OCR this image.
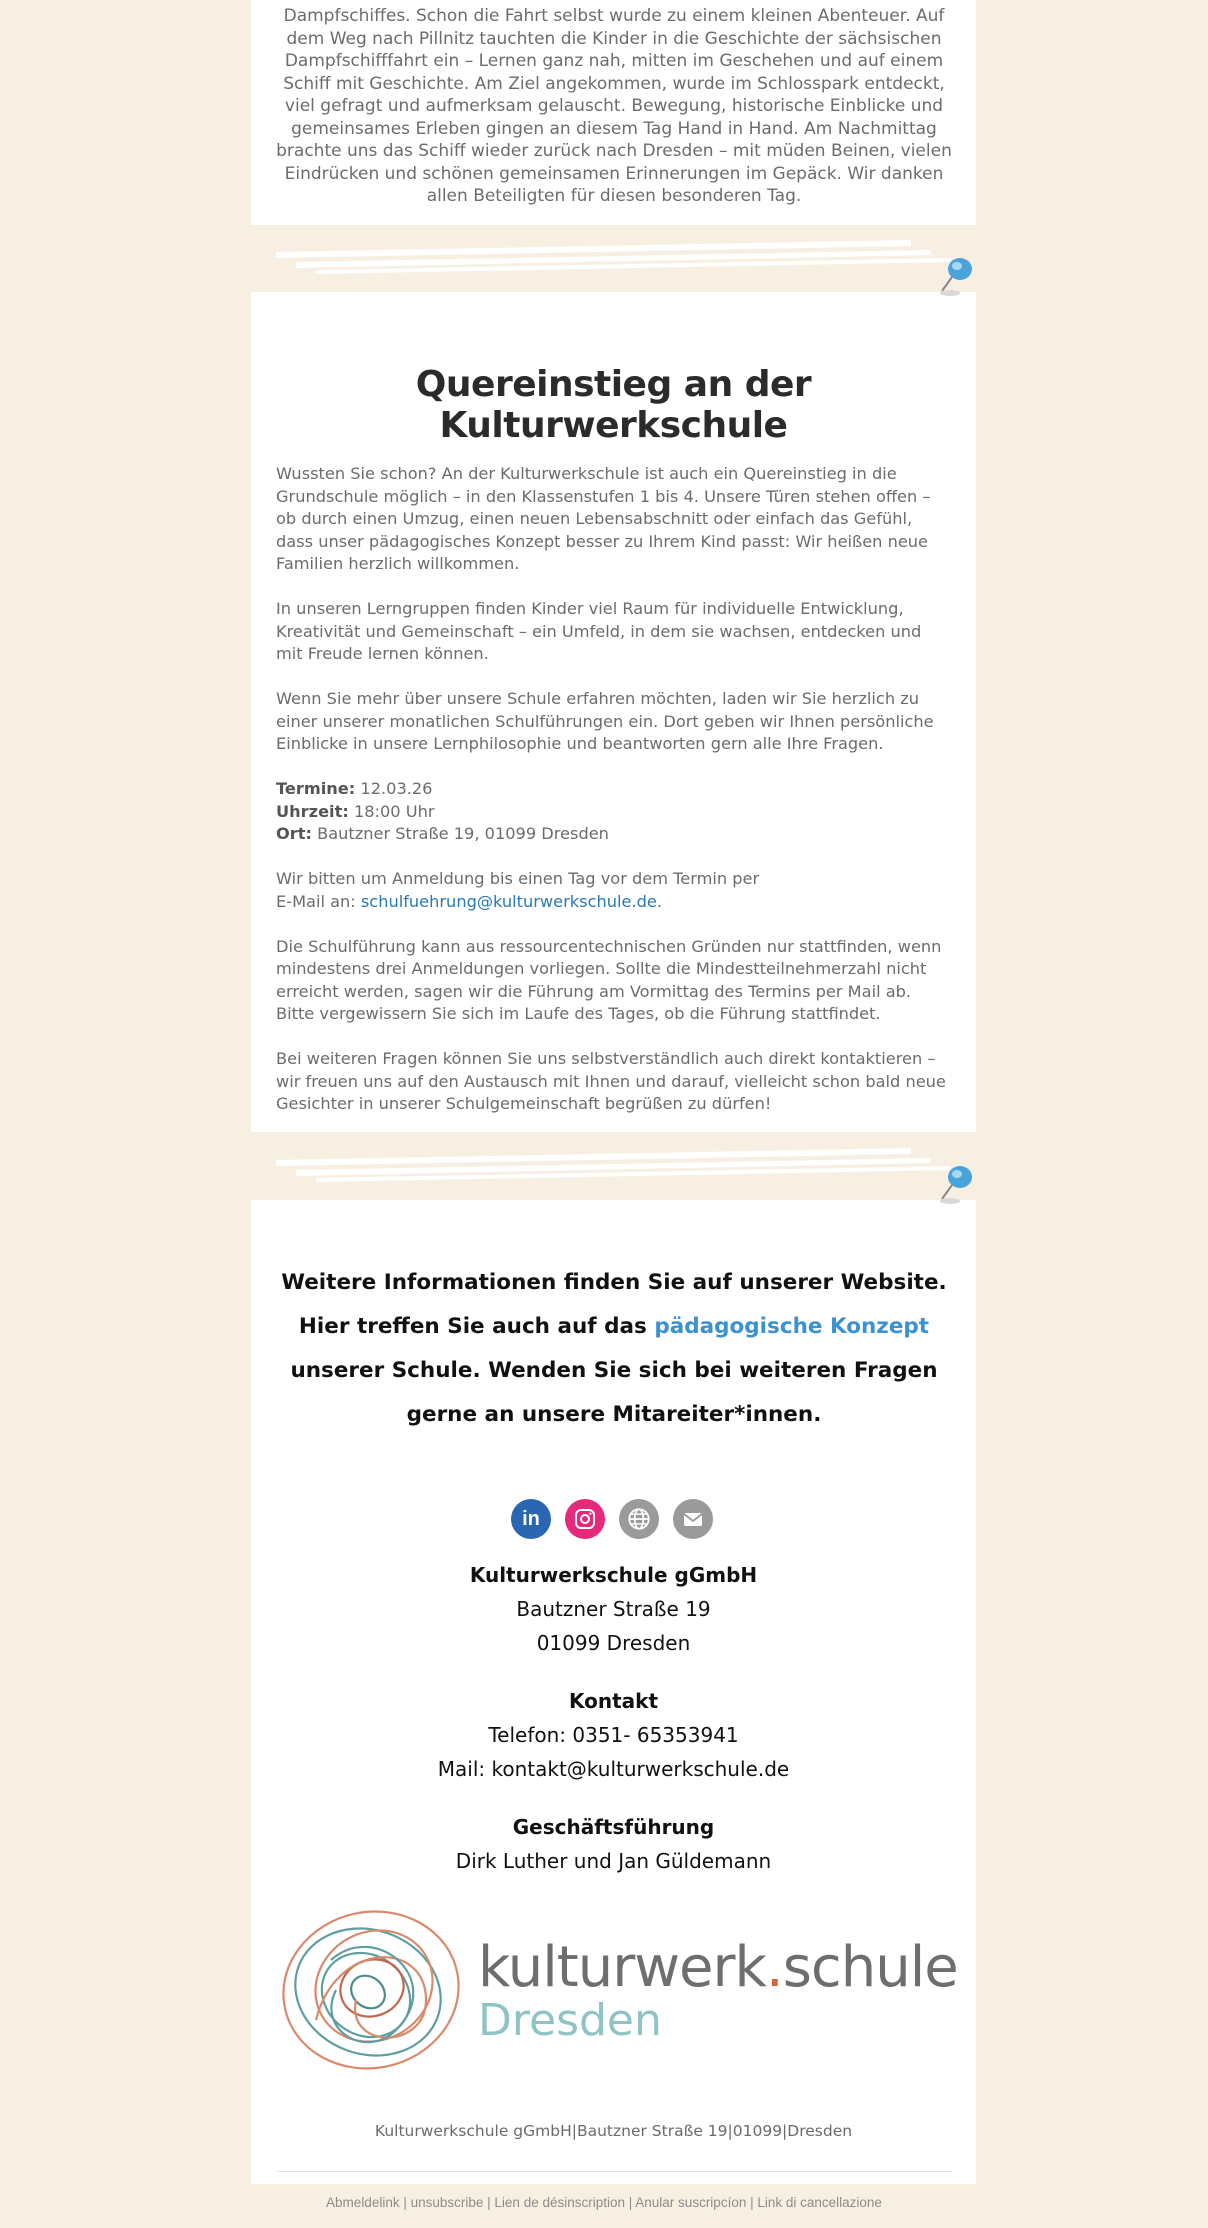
Dampfschiffes. Schon die Fahrt selbst wurde zu einem kleinen Abenteuer. Auf dem Weg nach Pillnitz tauchten die Kinder in die Geschichte der sächsischen Dampfschifffahrt ein – Lernen ganz nah, mitten im Geschehen und auf einem Schiff mit Geschichte. Am Ziel angekommen, wurde im Schlosspark entdeckt, viel gefragt und aufmerksam gelauscht. Bewegung, historische Einblicke und gemeinsames Erleben gingen an diesem Tag Hand in Hand. Am Nachmittag brachte uns das Schiff wieder zurück nach Dresden – mit müden Beinen, vielen Eindrücken und schönen gemeinsamen Erinnerungen im Gepäck. Wir danken allen Beteiligten für diesen besonderen Tag.
Quereinstieg an der Kulturwerkschule

Wussten Sie schon? An der Kulturwerkschule ist auch ein Quereinstieg in die Grundschule möglich – in den Klassenstufen 1 bis 4. Unsere Türen stehen offen – ob durch einen Umzug, einen neuen Lebensabschnitt oder einfach das Gefühl, dass unser pädagogisches Konzept besser zu Ihrem Kind passt: Wir heißen neue Familien herzlich willkommen.

In unseren Lerngruppen finden Kinder viel Raum für individuelle Entwicklung, Kreativität und Gemeinschaft – ein Umfeld, in dem sie wachsen, entdecken und mit Freude lernen können.

Wenn Sie mehr über unsere Schule erfahren möchten, laden wir Sie herzlich zu einer unserer monatlichen Schulführungen ein. Dort geben wir Ihnen persönliche Einblicke in unsere Lernphilosophie und beantworten gern alle Ihre Fragen.

Termine: 12.03.26
Uhrzeit: 18:00 Uhr
Ort: Bautzner Straße 19, 01099 Dresden

Wir bitten um Anmeldung bis einen Tag vor dem Termin per E-Mail an: schulfuehrung@kulturwerkschule.de.

Die Schulführung kann aus ressourcentechnischen Gründen nur stattfinden, wenn mindestens drei Anmeldungen vorliegen. Sollte die Mindestteilnehmerzahl nicht erreicht werden, sagen wir die Führung am Vormittag des Termins per Mail ab. Bitte vergewissern Sie sich im Laufe des Tages, ob die Führung stattfindet.

Bei weiteren Fragen können Sie uns selbstverständlich auch direkt kontaktieren – wir freuen uns auf den Austausch mit Ihnen und darauf, vielleicht schon bald neue Gesichter in unserer Schulgemeinschaft begrüßen zu dürfen!

Weitere Informationen finden Sie auf unserer Website.
Hier treffen Sie auch auf das pädagogische Konzept unserer Schule. Wenden Sie sich bei weiteren Fragen gerne an unsere Mitareiter*innen.
in
Kulturwerkschule gGmbH
Bautzner Straße 19
01099 Dresden
Kontakt
Telefon: 0351- 65353941
Mail: kontakt@kulturwerkschule.de
Geschäftsführung
Dirk Luther und Jan Güldemann
kulturwerk.schule
Dresden
Kulturwerkschule gGmbH|Bautzner Straße 19|01099|Dresden
Abmeldelink | unsubscribe | Lien de désinscription | Anular suscripcíon | Link di cancellazione
